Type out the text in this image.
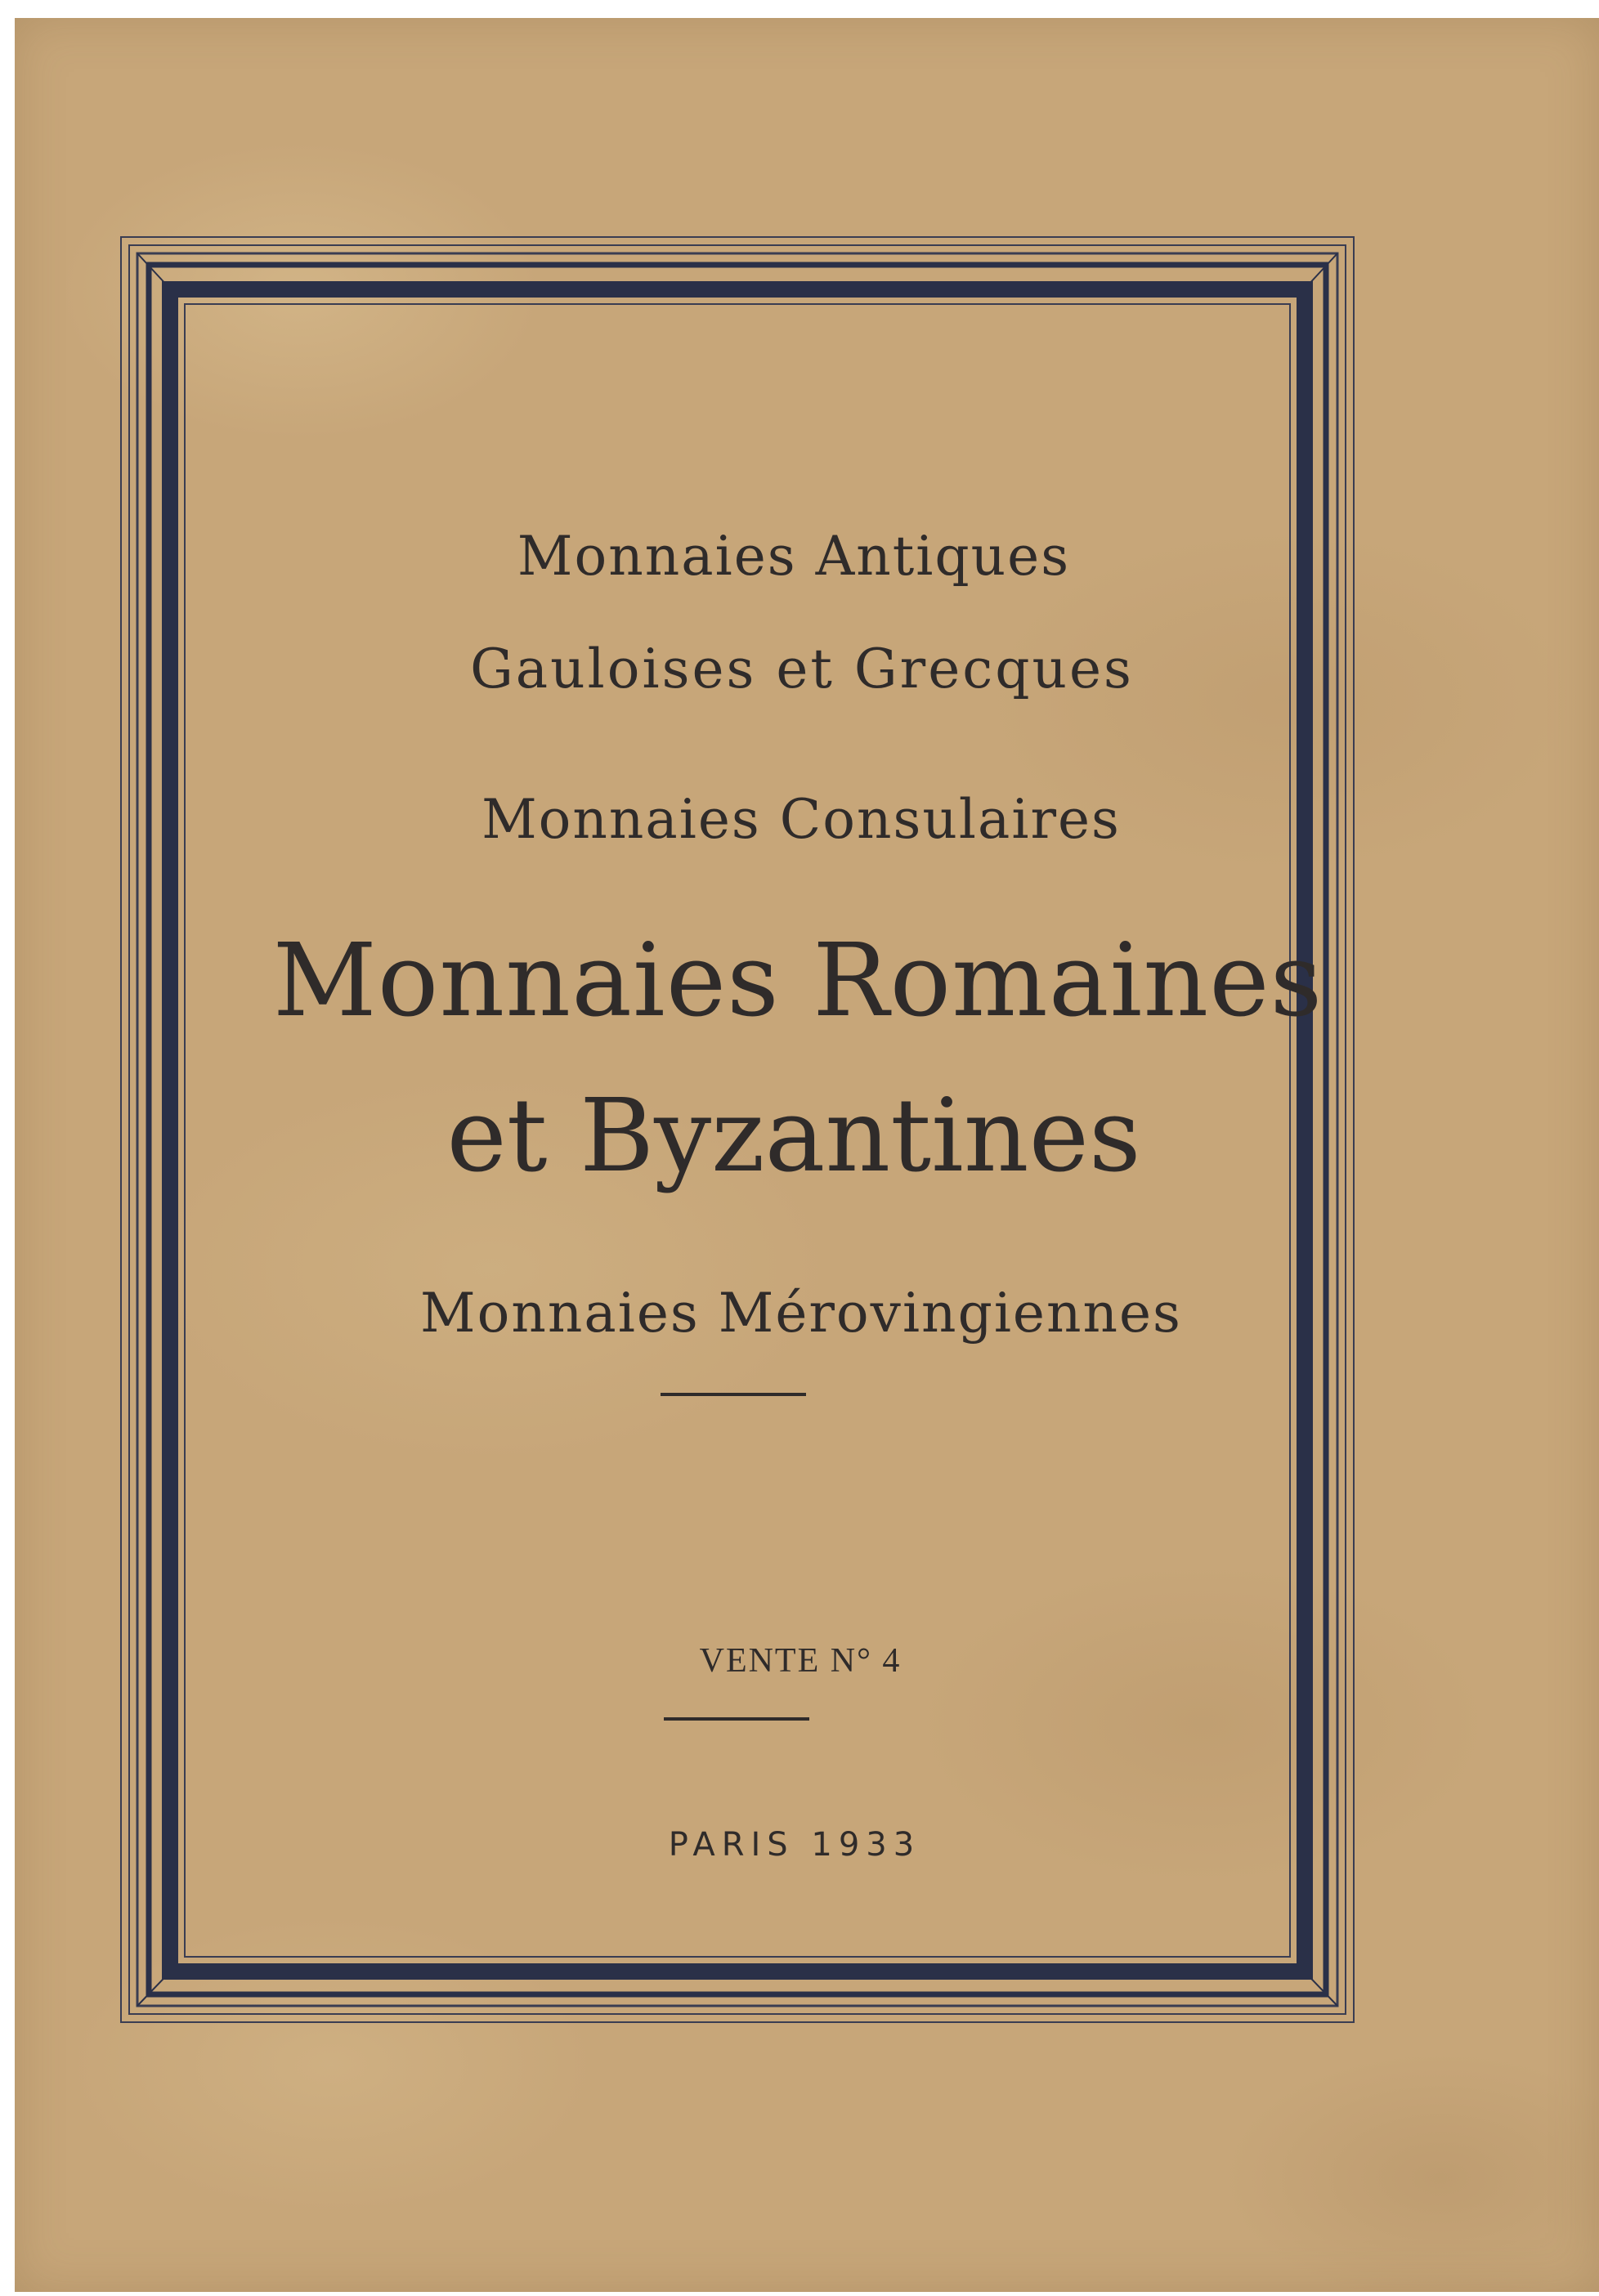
Monnaies Antiques
Gauloises et Grecques
Monnaies Consulaires
Monnaies Romaines
et Byzantines
Monnaies Mérovingiennes
VENTE N° 4
PARIS 1933
